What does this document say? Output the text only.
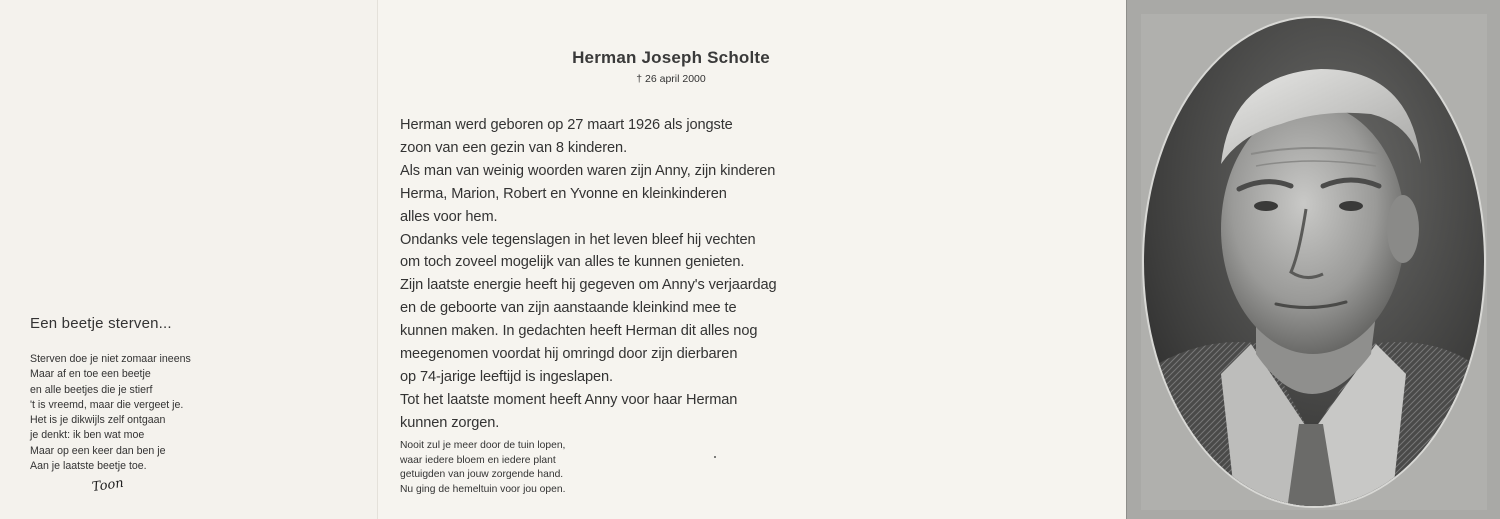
Een beetje sterven...
Sterven doe je niet zomaar ineens
Maar af en toe een beetje
en alle beetjes die je stierf
't is vreemd, maar die vergeet je.
Het is je dikwijls zelf ontgaan
je denkt: ik ben wat moe
Maar op een keer dan ben je
Aan je laatste beetje toe.
Toon
Herman Joseph Scholte
† 26 april 2000
Herman werd geboren op 27 maart 1926 als jongste
zoon van een gezin van 8 kinderen.
Als man van weinig woorden waren zijn Anny, zijn kinderen
Herma, Marion, Robert en Yvonne en kleinkinderen
alles voor hem.
Ondanks vele tegenslagen in het leven bleef hij vechten
om toch zoveel mogelijk van alles te kunnen genieten.
Zijn laatste energie heeft hij gegeven om Anny's verjaardag
en de geboorte van zijn aanstaande kleinkind mee te
kunnen maken. In gedachten heeft Herman dit alles nog
meegenomen voordat hij omringd door zijn dierbaren
op 74-jarige leeftijd is ingeslapen.
Tot het laatste moment heeft Anny voor haar Herman
kunnen zorgen.
Nooit zul je meer door de tuin lopen,
waar iedere bloem en iedere plant
getuigden van jouw zorgende hand.
Nu ging de hemeltuin voor jou open.
